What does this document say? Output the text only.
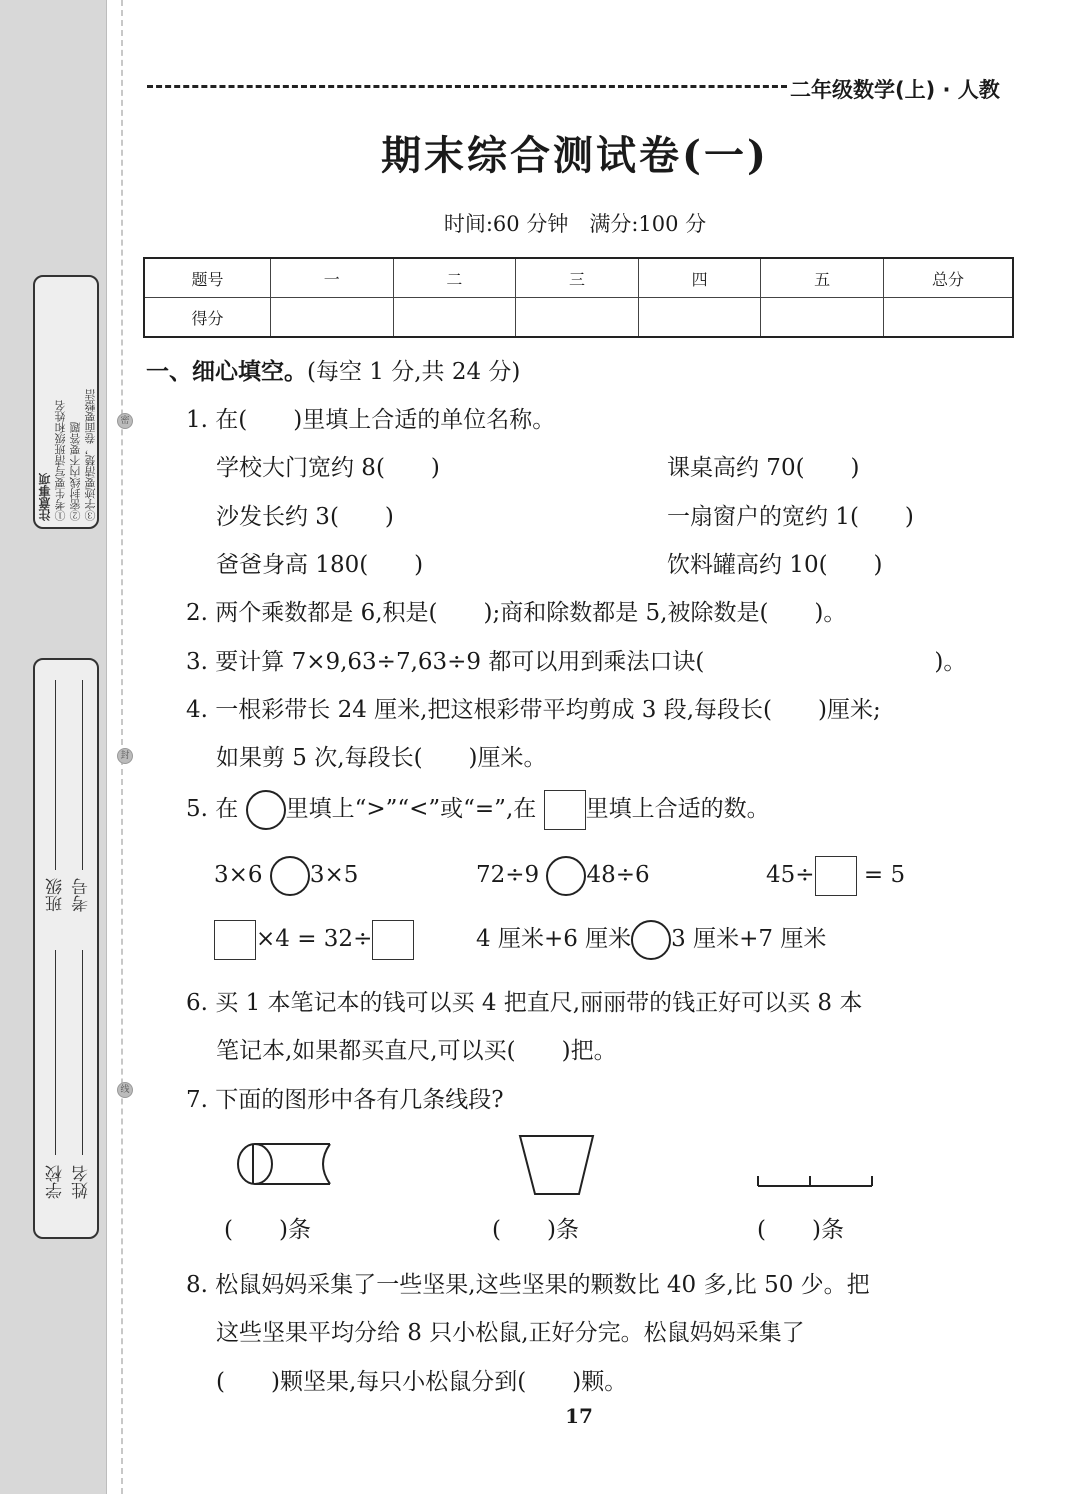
注意事项 ①考生要写清班级和姓名 ②密封线内不要答题 ③字迹要清楚，卷面要整洁
学校 姓名
班级 考号
密
封
线
二年级数学(上) · 人教
期末综合测试卷(一)
时间:60 分钟　满分:100 分
题号	一	二	三	四	五	总分
得分						
一、细心填空。(每空 1 分,共 24 分)
1. 在(　　)里填上合适的单位名称。
学校大门宽约 8(　　)	课桌高约 70(　　)
沙发长约 3(　　)	一扇窗户的宽约 1(　　)
爸爸身高 180(　　)	饮料罐高约 10(　　)
2. 两个乘数都是 6,积是(　　);商和除数都是 5,被除数是(　　)。
3. 要计算 7×9,63÷7,63÷9 都可以用到乘法口诀(　　　　　　　　　　)。
4. 一根彩带长 24 厘米,把这根彩带平均剪成 3 段,每段长(　　)厘米;
如果剪 5 次,每段长(　　)厘米。
5. 在 里填上“>”“<”或“=”,在 里填上合适的数。
3×6 3×5	72÷9 48÷6	45÷ = 5
×4 = 32÷	4 厘米+6 厘米 3 厘米+7 厘米
6. 买 1 本笔记本的钱可以买 4 把直尺,丽丽带的钱正好可以买 8 本
笔记本,如果都买直尺,可以买(　　)把。
7. 下面的图形中各有几条线段?
(　　)条	(　　)条	(　　)条
8. 松鼠妈妈采集了一些坚果,这些坚果的颗数比 40 多,比 50 少。把
这些坚果平均分给 8 只小松鼠,正好分完。松鼠妈妈采集了
(　　)颗坚果,每只小松鼠分到(　　)颗。
17
